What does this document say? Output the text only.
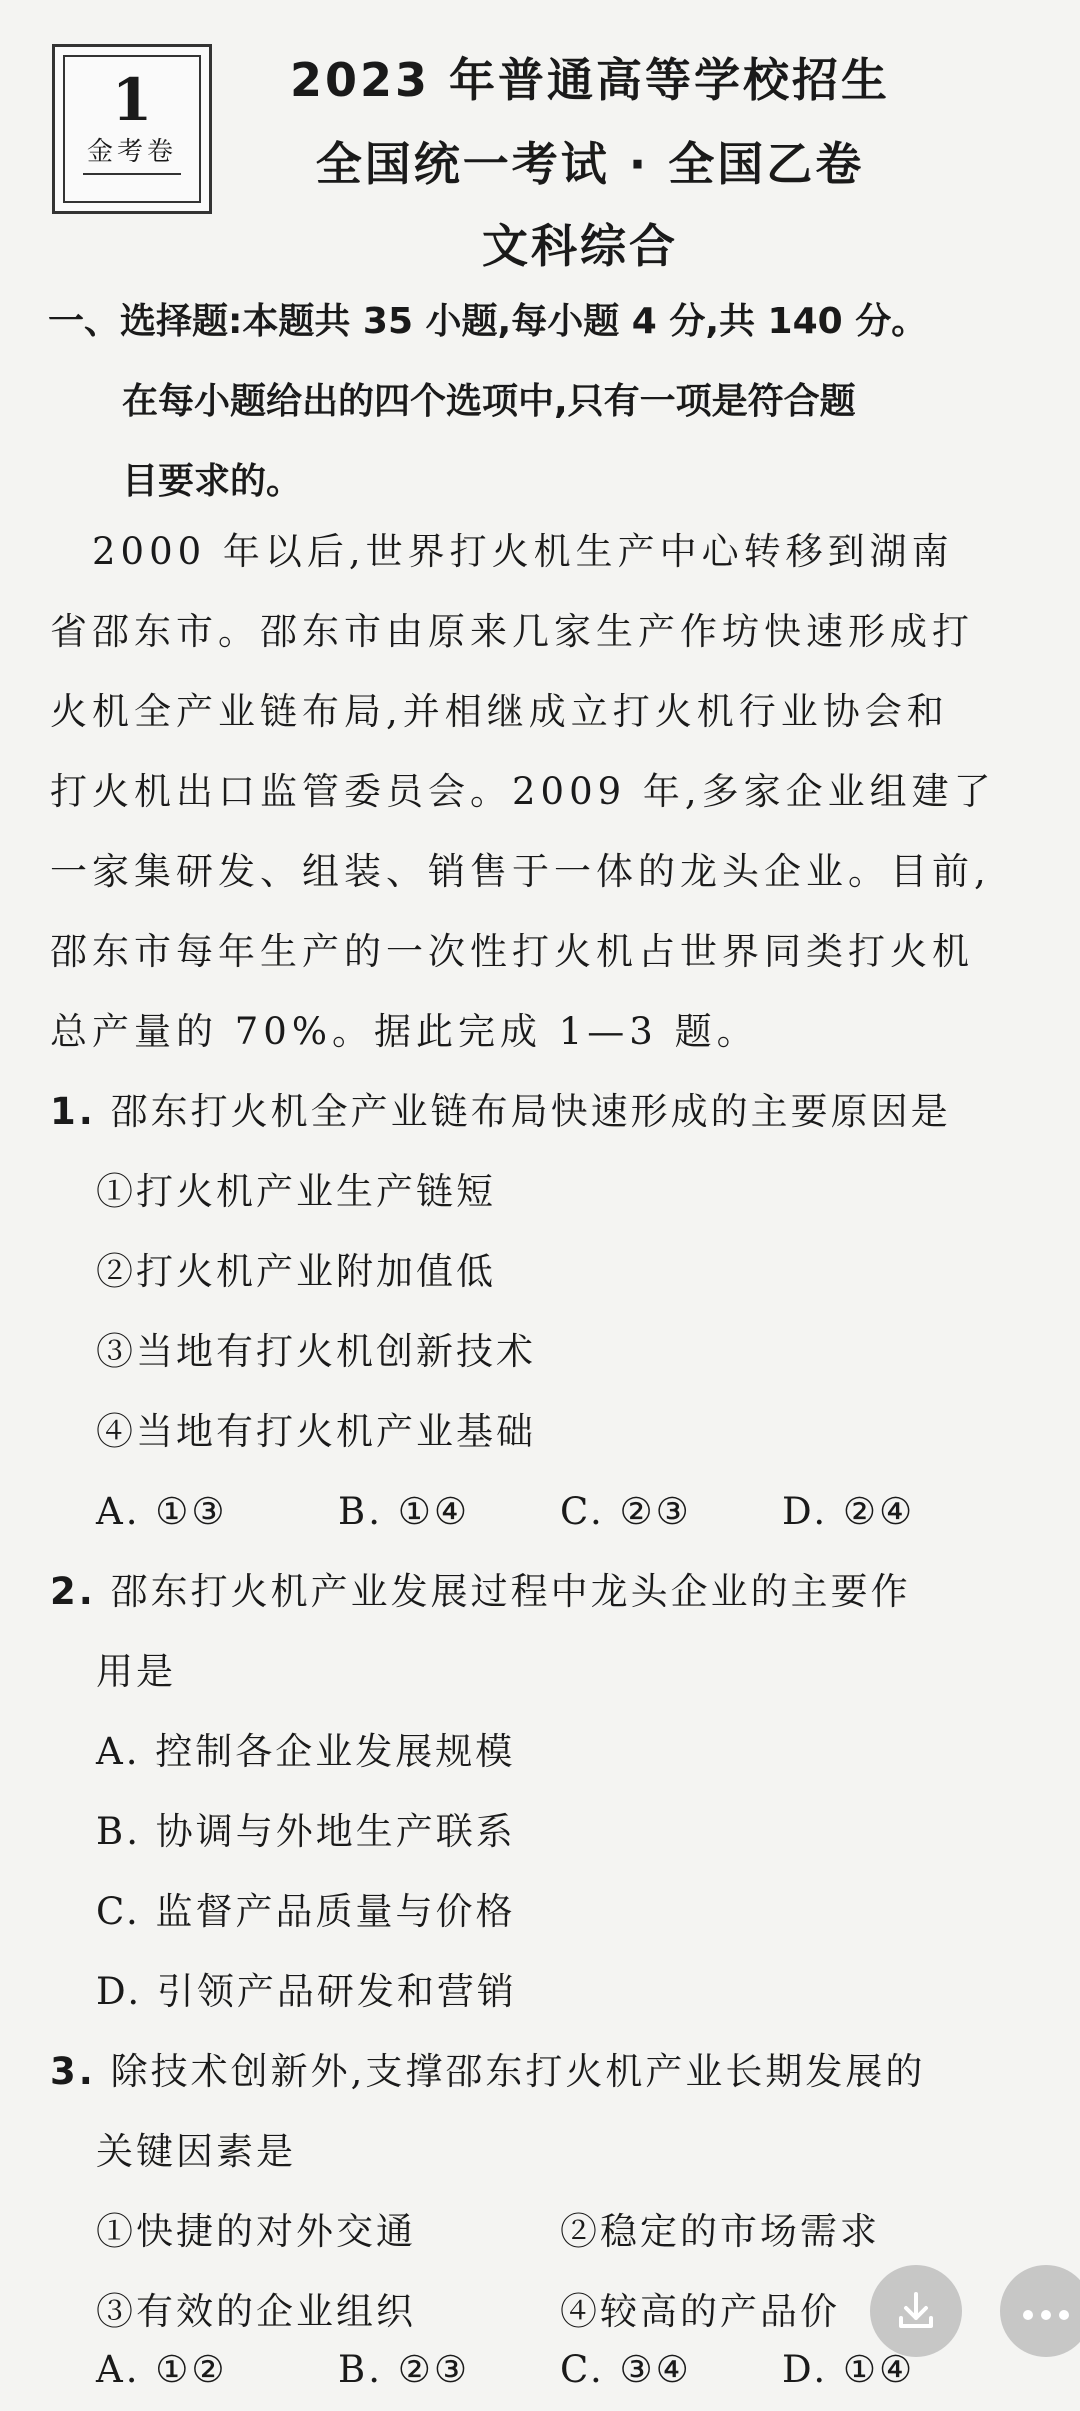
1
金考卷
2023 年普通高等学校招生
全国统一考试 · 全国乙卷
文科综合
一、选择题:本题共 35 小题,每小题 4 分,共 140 分。
在每小题给出的四个选项中,只有一项是符合题
目要求的。
　2000 年以后,世界打火机生产中心转移到湖南
省邵东市。邵东市由原来几家生产作坊快速形成打
火机全产业链布局,并相继成立打火机行业协会和
打火机出口监管委员会。2009 年,多家企业组建了
一家集研发、组装、销售于一体的龙头企业。目前,
邵东市每年生产的一次性打火机占世界同类打火机
总产量的 70%。据此完成 1—3 题。
1. 邵东打火机全产业链布局快速形成的主要原因是
①打火机产业生产链短
②打火机产业附加值低
③当地有打火机创新技术
④当地有打火机产业基础
A. ①③	B. ①④ C. ②③ D. ②④
2. 邵东打火机产业发展过程中龙头企业的主要作
用是
A. 控制各企业发展规模
B. 协调与外地生产联系
C. 监督产品质量与价格
D. 引领产品研发和营销
3. 除技术创新外,支撑邵东打火机产业长期发展的
关键因素是
①快捷的对外交通	②稳定的市场需求
③有效的企业组织	④较高的产品价
A. ①②	B. ②③ C. ③④ D. ①④
